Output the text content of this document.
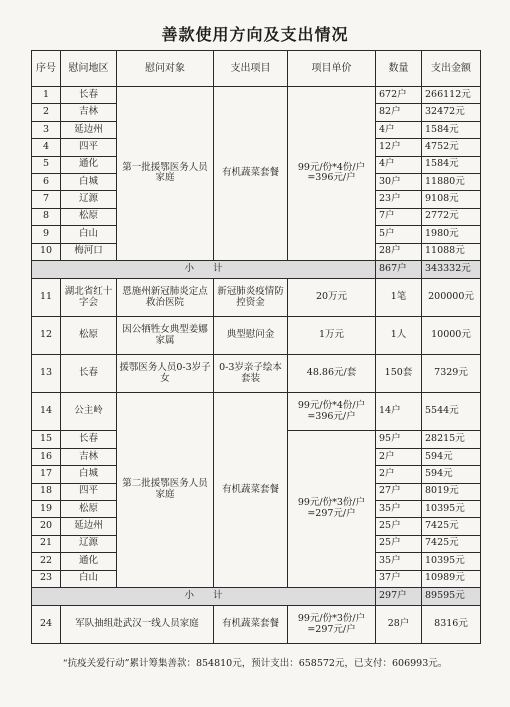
善款使用方向及支出情况
序号	慰问地区	慰问对象	支出项目	项目单价	数量	支出金额
1	长春	第一批援鄂医务人员家庭	有机蔬菜套餐	99元/份*4份/户=396元/户	672户	266112元
2	吉林				82户	32472元
3	延边州				4户	1584元
4	四平				12户	4752元
5	通化				4户	1584元
6	白城				30户	11880元
7	辽源				23户	9108元
8	松原				7户	2772元
9	白山				5户	1980元
10	梅河口				28户	11088元
小　　计					867户	343332元
11	湖北省红十字会	恩施州新冠肺炎定点救治医院	新冠肺炎疫情防控资金	20万元	1笔	200000元
12	松原	因公牺牲女典型姜娜家属	典型慰问金	1万元	1人	10000元
13	长春	援鄂医务人员0-3岁子女	0-3岁亲子绘本套装	48.86元/套	150套	7329元
14	公主岭	第二批援鄂医务人员家庭	有机蔬菜套餐	99元/份*4份/户=396元/户	14户	5544元
15	长春			99元/份*3份/户=297元/户	95户	28215元
16	吉林				2户	594元
17	白城				2户	594元
18	四平				27户	8019元
19	松原				35户	10395元
20	延边州				25户	7425元
21	辽源				25户	7425元
22	通化				35户	10395元
23	白山				37户	10989元
小　　计					297户	89595元
24	军队抽组赴武汉一线人员家庭		有机蔬菜套餐	99元/份*3份/户=297元/户	28户	8316元
“抗疫关爱行动”累计筹集善款：854810元，预计支出：658572元，已支付：606993元。
